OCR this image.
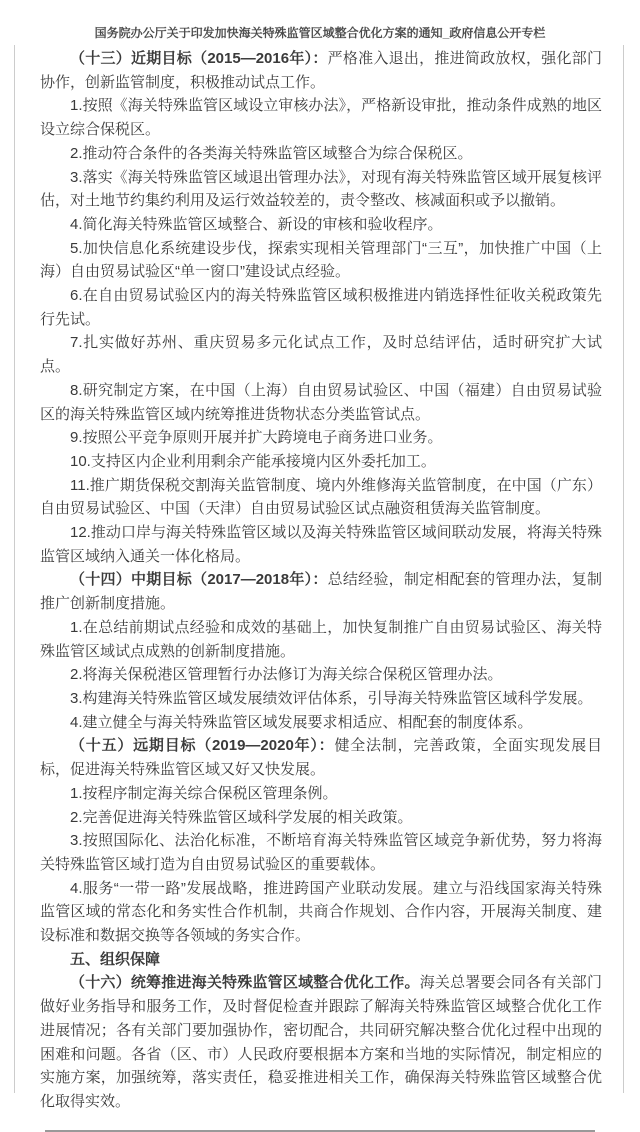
国务院办公厅关于印发加快海关特殊监管区域整合优化方案的通知_政府信息公开专栏

（十三）近期目标（2015—2016年）：严格准入退出，推进简政放权，强化部门协作，创新监管制度，积极推动试点工作。

1.按照《海关特殊监管区域设立审核办法》，严格新设审批，推动条件成熟的地区设立综合保税区。

2.推动符合条件的各类海关特殊监管区域整合为综合保税区。

3.落实《海关特殊监管区域退出管理办法》，对现有海关特殊监管区域开展复核评估，对土地节约集约利用及运行效益较差的，责令整改、核减面积或予以撤销。

4.简化海关特殊监管区域整合、新设的审核和验收程序。

5.加快信息化系统建设步伐，探索实现相关管理部门“三互”，加快推广中国（上海）自由贸易试验区“单一窗口”建设试点经验。

6.在自由贸易试验区内的海关特殊监管区域积极推进内销选择性征收关税政策先行先试。

7.扎实做好苏州、重庆贸易多元化试点工作，及时总结评估，适时研究扩大试点。

8.研究制定方案，在中国（上海）自由贸易试验区、中国（福建）自由贸易试验区的海关特殊监管区域内统筹推进货物状态分类监管试点。

9.按照公平竞争原则开展并扩大跨境电子商务进口业务。

10.支持区内企业利用剩余产能承接境内区外委托加工。

11.推广期货保税交割海关监管制度、境内外维修海关监管制度，在中国（广东）自由贸易试验区、中国（天津）自由贸易试验区试点融资租赁海关监管制度。

12.推动口岸与海关特殊监管区域以及海关特殊监管区域间联动发展，将海关特殊监管区域纳入通关一体化格局。

（十四）中期目标（2017—2018年）：总结经验，制定相配套的管理办法，复制推广创新制度措施。

1.在总结前期试点经验和成效的基础上，加快复制推广自由贸易试验区、海关特殊监管区域试点成熟的创新制度措施。

2.将海关保税港区管理暂行办法修订为海关综合保税区管理办法。

3.构建海关特殊监管区域发展绩效评估体系，引导海关特殊监管区域科学发展。

4.建立健全与海关特殊监管区域发展要求相适应、相配套的制度体系。

（十五）远期目标（2019—2020年）：健全法制，完善政策，全面实现发展目标，促进海关特殊监管区域又好又快发展。

1.按程序制定海关综合保税区管理条例。

2.完善促进海关特殊监管区域科学发展的相关政策。

3.按照国际化、法治化标准，不断培育海关特殊监管区域竞争新优势，努力将海关特殊监管区域打造为自由贸易试验区的重要载体。

4.服务“一带一路”发展战略，推进跨国产业联动发展。建立与沿线国家海关特殊监管区域的常态化和务实性合作机制，共商合作规划、合作内容，开展海关制度、建设标准和数据交换等各领域的务实合作。

五、组织保障

（十六）统筹推进海关特殊监管区域整合优化工作。海关总署要会同各有关部门做好业务指导和服务工作，及时督促检查并跟踪了解海关特殊监管区域整合优化工作进展情况；各有关部门要加强协作，密切配合，共同研究解决整合优化过程中出现的困难和问题。各省（区、市）人民政府要根据本方案和当地的实际情况，制定相应的实施方案，加强统筹，落实责任，稳妥推进相关工作，确保海关特殊监管区域整合优化取得实效。
